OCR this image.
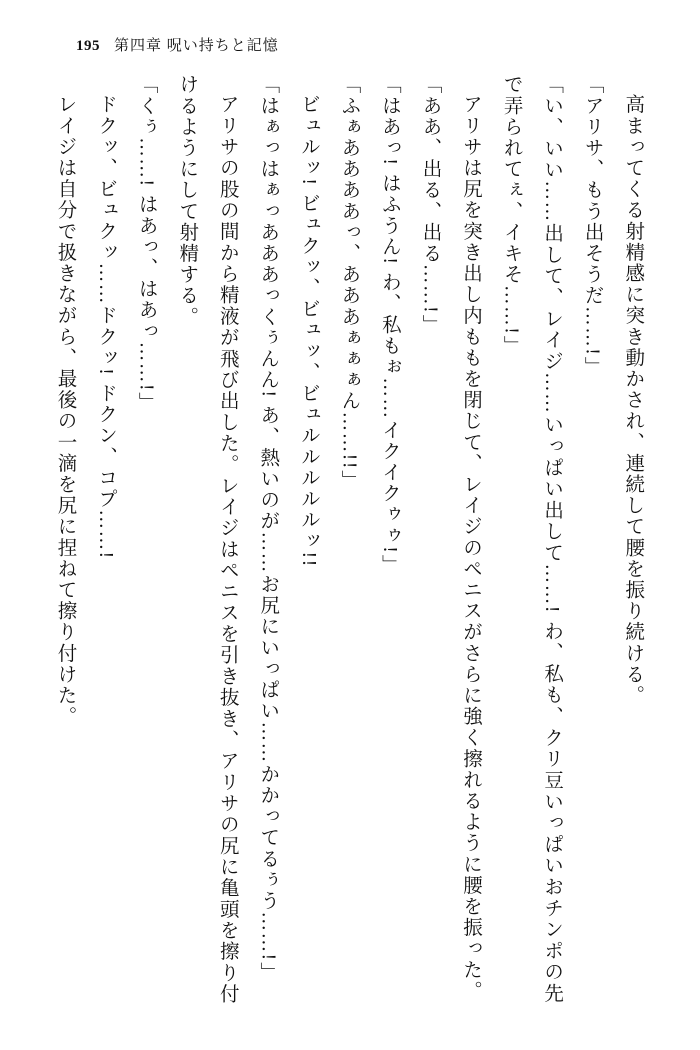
195 第四章 呪い持ちと記憶

高まってくる射精感に突き動かされ、連続して腰を振り続ける。

「アリサ、もう出そうだ……!」

「い、いい……出して、レイジ……いっぱい出して……! わ、私も、クリ豆いっぱいおチンポの先で弄られてぇ、イキそ……!」

アリサは尻を突き出し内ももを閉じて、レイジのペニスがさらに強く擦れるように腰を振った。

「ああ、出る、出る……!」

「はあっ! はふうん! わ、私もぉ……イクイクゥゥ!」

「ふぁああああっ、あああぁぁぁん……!!」

ビュルッ! ビュクッ、ビュッ、ビュルルルルルッ!!

「はぁっはぁっあああっくぅんん! あ、熱いのが……お尻にいっぱい……かかってるぅう……!」

アリサの股の間から精液が飛び出した。レイジはペニスを引き抜き、アリサの尻に亀頭を擦り付けるようにして射精する。

「くぅ……! はあっ、はあっ……!」

ドクッ、ビュクッ……ドクッ! ドクン、コプ……!

レイジは自分で扱きながら、最後の一滴を尻に捏ねて擦り付けた。
